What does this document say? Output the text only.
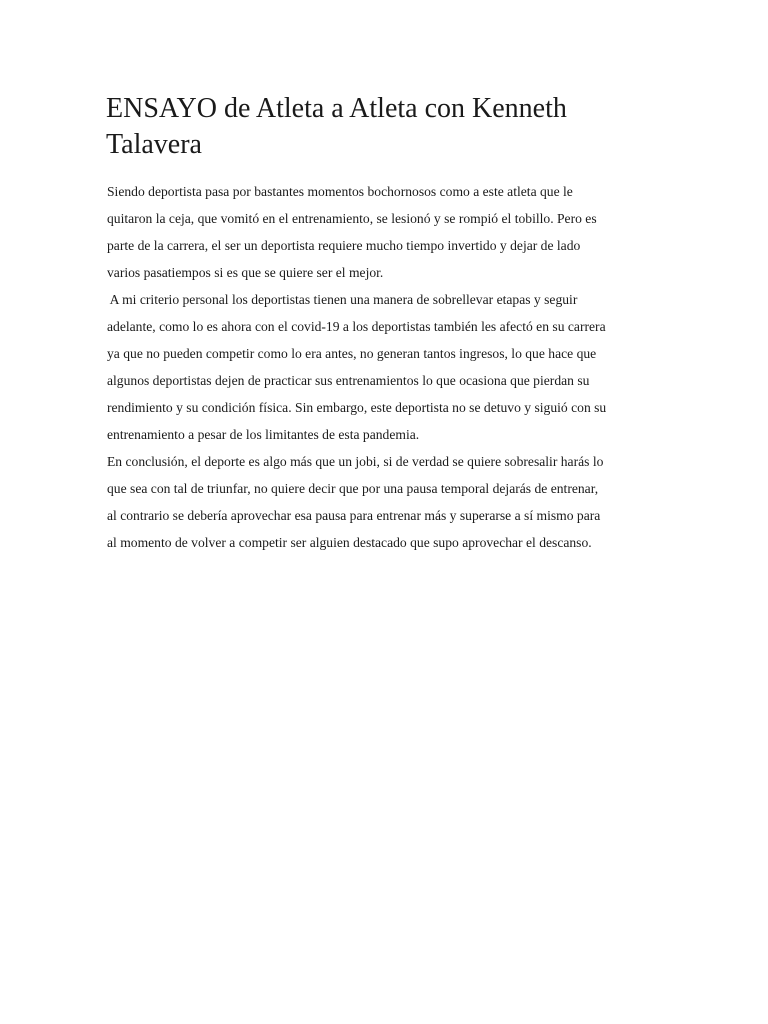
ENSAYO de Atleta a Atleta con Kenneth
Talavera

Siendo deportista pasa por bastantes momentos bochornosos como a este atleta que le

quitaron la ceja, que vomitó en el entrenamiento, se lesionó y se rompió el tobillo. Pero es

parte de la carrera, el ser un deportista requiere mucho tiempo invertido y dejar de lado

varios pasatiempos si es que se quiere ser el mejor.

A mi criterio personal los deportistas tienen una manera de sobrellevar etapas y seguir

adelante, como lo es ahora con el covid-19 a los deportistas también les afectó en su carrera

ya que no pueden competir como lo era antes, no generan tantos ingresos, lo que hace que

algunos deportistas dejen de practicar sus entrenamientos lo que ocasiona que pierdan su

rendimiento y su condición física. Sin embargo, este deportista no se detuvo y siguió con su

entrenamiento a pesar de los limitantes de esta pandemia.

En conclusión, el deporte es algo más que un jobi, si de verdad se quiere sobresalir harás lo

que sea con tal de triunfar, no quiere decir que por una pausa temporal dejarás de entrenar,

al contrario se debería aprovechar esa pausa para entrenar más y superarse a sí mismo para

al momento de volver a competir ser alguien destacado que supo aprovechar el descanso.
